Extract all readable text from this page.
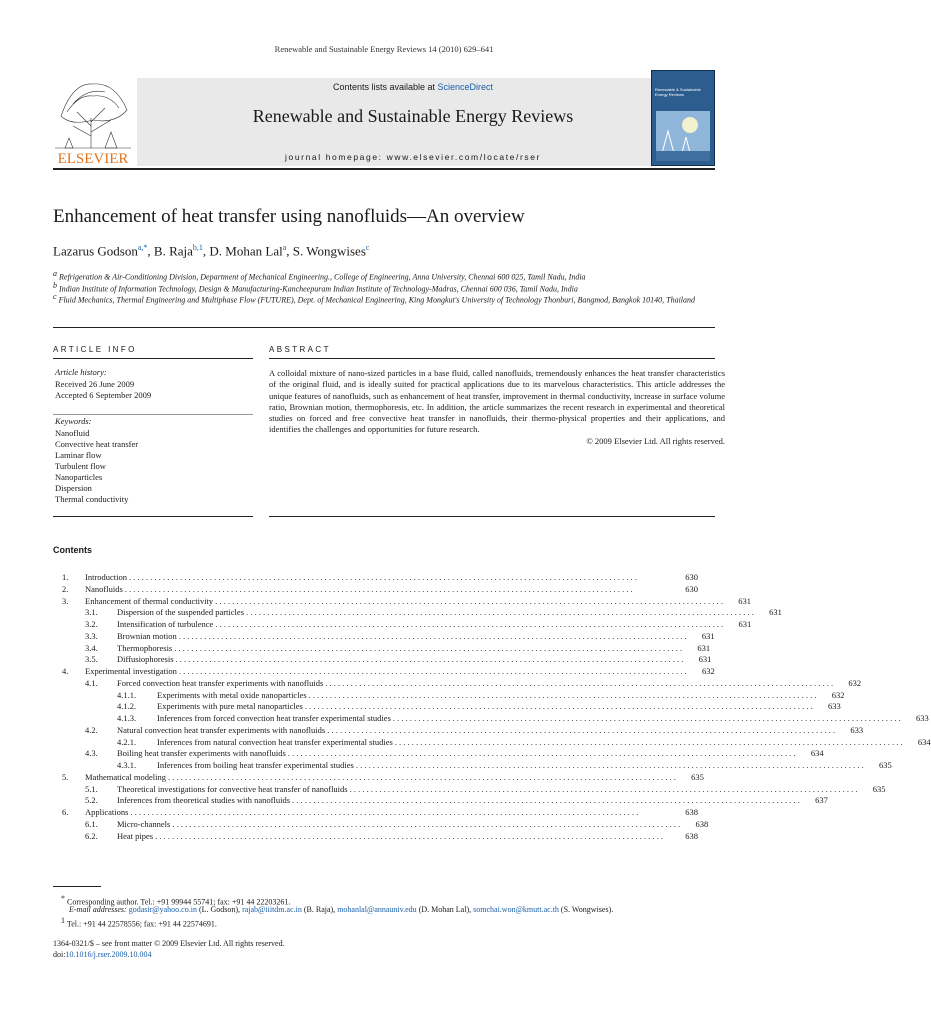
Renewable and Sustainable Energy Reviews 14 (2010) 629–641
ELSEVIER
Contents lists available at ScienceDirect
Renewable and Sustainable Energy Reviews
journal homepage: www.elsevier.com/locate/rser
Renewable & Sustainable Energy Reviews
Enhancement of heat transfer using nanofluids—An overview
Lazarus Godson$^{a,*}$, B. Raja$^{b,1}$, D. Mohan Lal$^a$, S. Wongwises$^c$
$^a$ Refrigeration & Air-Conditioning Division, Department of Mechanical Engineering., College of Engineering, Anna University, Chennai 600 025, Tamil Nadu, India
$^b$ Indian Institute of Information Technology, Design & Manufacturing-Kancheepuram Indian Institute of Technology-Madras, Chennai 600 036, Tamil Nadu, India
$^c$ Fluid Mechanics, Thermal Engineering and Multiphase Flow (FUTURE), Dept. of Mechanical Engineering, King Mongkut's University of Technology Thonburi, Bangmod, Bangkok 10140, Thailand
ARTICLE INFO	ABSTRACT
Article history:
Received 26 June 2009
Accepted 6 September 2009
Keywords:
Nanofluid
Convective heat transfer
Laminar flow
Turbulent flow
Nanoparticles
Dispersion
Thermal conductivity
A colloidal mixture of nano-sized particles in a base fluid, called nanofluids, tremendously enhances the heat transfer characteristics of the original fluid, and is ideally suited for practical applications due to its marvelous characteristics. This article addresses the unique features of nanofluids, such as enhancement of heat transfer, improvement in thermal conductivity, increase in surface volume ratio, Brownian motion, thermophoresis, etc. In addition, the article summarizes the recent research in experimental and theoretical studies on forced and free convective heat transfer in nanofluids, their thermo-physical properties and their applications, and identifies the challenges and opportunities for future research.
© 2009 Elsevier Ltd. All rights reserved.
Contents
1.	Introduction . . . . . . . . . . . . . . . . . . . . . . . . . . . . . . . . . . . . . . . . . . . . . . . . . . . . . . . . . . . . . . . . . . . . . . . . . . . . . . . . . . . . . . . . . . . . . . . . . . . . . . . . . . . . . . . . . . . . . . . .	630
2.	Nanofluids . . . . . . . . . . . . . . . . . . . . . . . . . . . . . . . . . . . . . . . . . . . . . . . . . . . . . . . . . . . . . . . . . . . . . . . . . . . . . . . . . . . . . . . . . . . . . . . . . . . . . . . . . . . . . . . . . . . . . . . .	630
3.	Enhancement of thermal conductivity . . . . . . . . . . . . . . . . . . . . . . . . . . . . . . . . . . . . . . . . . . . . . . . . . . . . . . . . . . . . . . . . . . . . . . . . . . . . . . . . . . . . . . . . . . . . . . . . . . . . . . . . . . . . . . . . . . . . . . . .	631
3.1.	Dispersion of the suspended particles . . . . . . . . . . . . . . . . . . . . . . . . . . . . . . . . . . . . . . . . . . . . . . . . . . . . . . . . . . . . . . . . . . . . . . . . . . . . . . . . . . . . . . . . . . . . . . . . . . . . . . . . . . . . . . . . . . . . . . . .	631
3.2.	Intensification of turbulence . . . . . . . . . . . . . . . . . . . . . . . . . . . . . . . . . . . . . . . . . . . . . . . . . . . . . . . . . . . . . . . . . . . . . . . . . . . . . . . . . . . . . . . . . . . . . . . . . . . . . . . . . . . . . . . . . . . . . . . .	631
3.3.	Brownian motion . . . . . . . . . . . . . . . . . . . . . . . . . . . . . . . . . . . . . . . . . . . . . . . . . . . . . . . . . . . . . . . . . . . . . . . . . . . . . . . . . . . . . . . . . . . . . . . . . . . . . . . . . . . . . . . . . . . . . . . .	631
3.4.	Thermophoresis . . . . . . . . . . . . . . . . . . . . . . . . . . . . . . . . . . . . . . . . . . . . . . . . . . . . . . . . . . . . . . . . . . . . . . . . . . . . . . . . . . . . . . . . . . . . . . . . . . . . . . . . . . . . . . . . . . . . . . . .	631
3.5.	Diffusiophoresis . . . . . . . . . . . . . . . . . . . . . . . . . . . . . . . . . . . . . . . . . . . . . . . . . . . . . . . . . . . . . . . . . . . . . . . . . . . . . . . . . . . . . . . . . . . . . . . . . . . . . . . . . . . . . . . . . . . . . . . .	631
4.	Experimental investigation . . . . . . . . . . . . . . . . . . . . . . . . . . . . . . . . . . . . . . . . . . . . . . . . . . . . . . . . . . . . . . . . . . . . . . . . . . . . . . . . . . . . . . . . . . . . . . . . . . . . . . . . . . . . . . . . . . . . . . . .	632
4.1.	Forced convection heat transfer experiments with nanofluids . . . . . . . . . . . . . . . . . . . . . . . . . . . . . . . . . . . . . . . . . . . . . . . . . . . . . . . . . . . . . . . . . . . . . . . . . . . . . . . . . . . . . . . . . . . . . . . . . . . . . . . . . . . . . . . . . . . . . . . .	632
4.1.1.	Experiments with metal oxide nanoparticles . . . . . . . . . . . . . . . . . . . . . . . . . . . . . . . . . . . . . . . . . . . . . . . . . . . . . . . . . . . . . . . . . . . . . . . . . . . . . . . . . . . . . . . . . . . . . . . . . . . . . . . . . . . . . . . . . . . . . . . .	632
4.1.2.	Experiments with pure metal nanoparticles . . . . . . . . . . . . . . . . . . . . . . . . . . . . . . . . . . . . . . . . . . . . . . . . . . . . . . . . . . . . . . . . . . . . . . . . . . . . . . . . . . . . . . . . . . . . . . . . . . . . . . . . . . . . . . . . . . . . . . . .	633
4.1.3.	Inferences from forced convection heat transfer experimental studies . . . . . . . . . . . . . . . . . . . . . . . . . . . . . . . . . . . . . . . . . . . . . . . . . . . . . . . . . . . . . . . . . . . . . . . . . . . . . . . . . . . . . . . . . . . . . . . . . . . . . . . . . . . . . . . . . . . . . . . .	633
4.2.	Natural convection heat transfer experiments with nanofluids . . . . . . . . . . . . . . . . . . . . . . . . . . . . . . . . . . . . . . . . . . . . . . . . . . . . . . . . . . . . . . . . . . . . . . . . . . . . . . . . . . . . . . . . . . . . . . . . . . . . . . . . . . . . . . . . . . . . . . . .	633
4.2.1.	Inferences from natural convection heat transfer experimental studies . . . . . . . . . . . . . . . . . . . . . . . . . . . . . . . . . . . . . . . . . . . . . . . . . . . . . . . . . . . . . . . . . . . . . . . . . . . . . . . . . . . . . . . . . . . . . . . . . . . . . . . . . . . . . . . . . . . . . . . .	634
4.3.	Boiling heat transfer experiments with nanofluids . . . . . . . . . . . . . . . . . . . . . . . . . . . . . . . . . . . . . . . . . . . . . . . . . . . . . . . . . . . . . . . . . . . . . . . . . . . . . . . . . . . . . . . . . . . . . . . . . . . . . . . . . . . . . . . . . . . . . . . .	634
4.3.1.	Inferences from boiling heat transfer experimental studies . . . . . . . . . . . . . . . . . . . . . . . . . . . . . . . . . . . . . . . . . . . . . . . . . . . . . . . . . . . . . . . . . . . . . . . . . . . . . . . . . . . . . . . . . . . . . . . . . . . . . . . . . . . . . . . . . . . . . . . .	635
5.	Mathematical modeling . . . . . . . . . . . . . . . . . . . . . . . . . . . . . . . . . . . . . . . . . . . . . . . . . . . . . . . . . . . . . . . . . . . . . . . . . . . . . . . . . . . . . . . . . . . . . . . . . . . . . . . . . . . . . . . . . . . . . . . .	635
5.1.	Theoretical investigations for convective heat transfer of nanofluids . . . . . . . . . . . . . . . . . . . . . . . . . . . . . . . . . . . . . . . . . . . . . . . . . . . . . . . . . . . . . . . . . . . . . . . . . . . . . . . . . . . . . . . . . . . . . . . . . . . . . . . . . . . . . . . . . . . . . . . .	635
5.2.	Inferences from theoretical studies with nanofluids . . . . . . . . . . . . . . . . . . . . . . . . . . . . . . . . . . . . . . . . . . . . . . . . . . . . . . . . . . . . . . . . . . . . . . . . . . . . . . . . . . . . . . . . . . . . . . . . . . . . . . . . . . . . . . . . . . . . . . . .	637
6.	Applications . . . . . . . . . . . . . . . . . . . . . . . . . . . . . . . . . . . . . . . . . . . . . . . . . . . . . . . . . . . . . . . . . . . . . . . . . . . . . . . . . . . . . . . . . . . . . . . . . . . . . . . . . . . . . . . . . . . . . . . .	638
6.1.	Micro-channels . . . . . . . . . . . . . . . . . . . . . . . . . . . . . . . . . . . . . . . . . . . . . . . . . . . . . . . . . . . . . . . . . . . . . . . . . . . . . . . . . . . . . . . . . . . . . . . . . . . . . . . . . . . . . . . . . . . . . . . .	638
6.2.	Heat pipes . . . . . . . . . . . . . . . . . . . . . . . . . . . . . . . . . . . . . . . . . . . . . . . . . . . . . . . . . . . . . . . . . . . . . . . . . . . . . . . . . . . . . . . . . . . . . . . . . . . . . . . . . . . . . . . . . . . . . . . .	638
* Corresponding author. Tel.: +91 99944 55741; fax: +91 44 22203261.
E-mail addresses: godasir@yahoo.co.in (L. Godson), rajab@iiitdm.ac.in (B. Raja), mohanlal@annauniv.edu (D. Mohan Lal), somchai.won@kmutt.ac.th (S. Wongwises).
$^1$ Tel.: +91 44 22578556; fax: +91 44 22574691.
1364-0321/$ – see front matter © 2009 Elsevier Ltd. All rights reserved.
doi:10.1016/j.rser.2009.10.004
